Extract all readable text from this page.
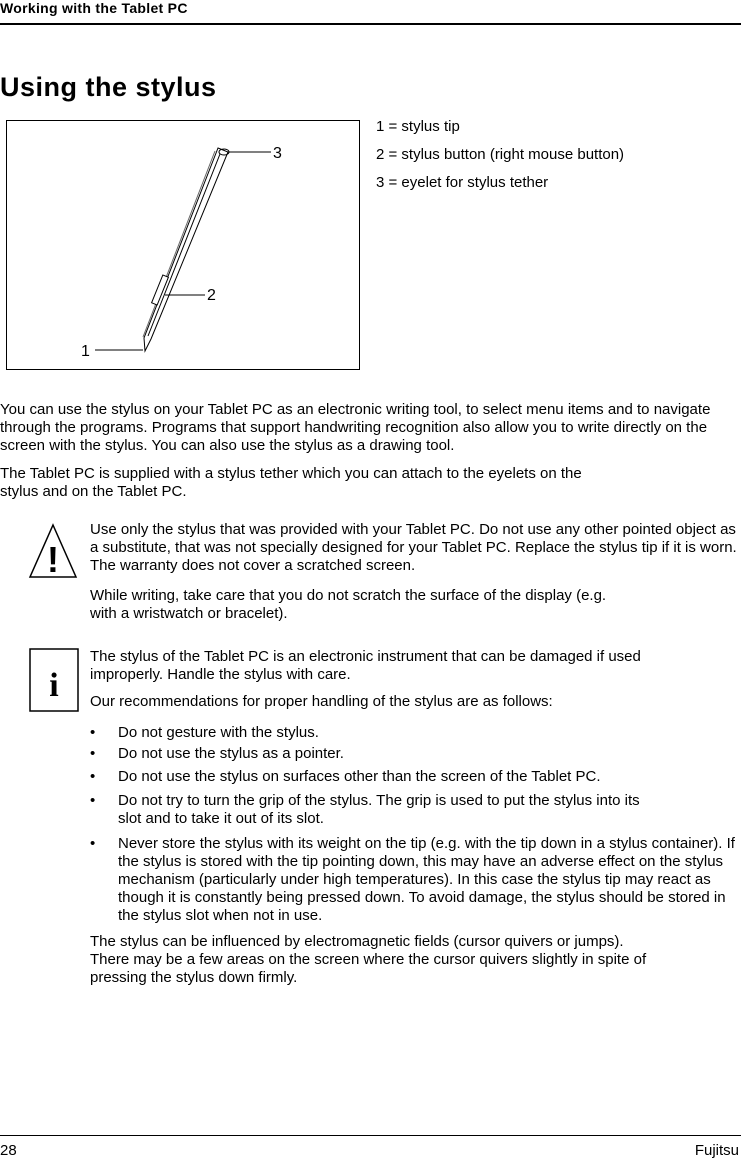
Working with the Tablet PC
Using the stylus
3
2
1
1 = stylus tip
2 = stylus button (right mouse button)
3 = eyelet for stylus tether

You can use the stylus on your Tablet PC as an electronic writing tool, to select menu items and to navigate through the programs. Programs that support handwriting recognition also allow you to write directly on the screen with the stylus. You can also use the stylus as a drawing tool.

The Tablet PC is supplied with a stylus tether which you can attach to the eyelets on the stylus and on the Tablet PC.

!

Use only the stylus that was provided with your Tablet PC. Do not use any other pointed object as a substitute, that was not specially designed for your Tablet PC. Replace the stylus tip if it is worn. The warranty does not cover a scratched screen.

While writing, take care that you do not scratch the surface of the display (e.g. with a wristwatch or bracelet).

i

The stylus of the Tablet PC is an electronic instrument that can be damaged if used improperly. Handle the stylus with care.

Our recommendations for proper handling of the stylus are as follows:

• Do not gesture with the stylus.

• Do not use the stylus as a pointer.

• Do not use the stylus on surfaces other than the screen of the Tablet PC.

• Do not try to turn the grip of the stylus. The grip is used to put the stylus into its slot and to take it out of its slot.

• Never store the stylus with its weight on the tip (e.g. with the tip down in a stylus container). If the stylus is stored with the tip pointing down, this may have an adverse effect on the stylus mechanism (particularly under high temperatures). In this case the stylus tip may react as though it is constantly being pressed down. To avoid damage, the stylus should be stored in the stylus slot when not in use.

The stylus can be influenced by electromagnetic fields (cursor quivers or jumps). There may be a few areas on the screen where the cursor quivers slightly in spite of pressing the stylus down firmly.

28	Fujitsu
